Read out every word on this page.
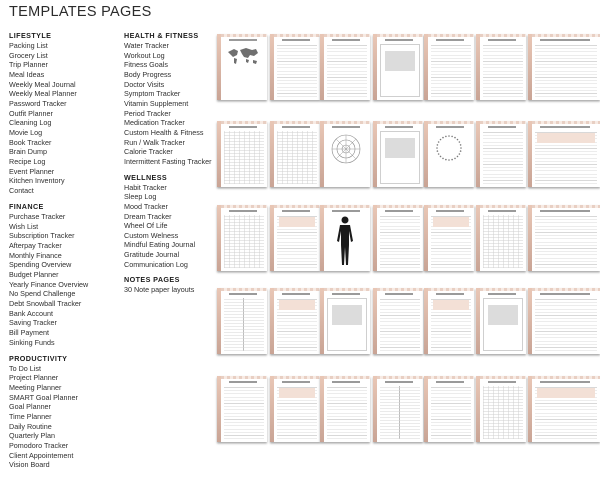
TEMPLATES PAGES
LIFESTYLE
Packing List
Grocery List
Trip Planner
Meal Ideas
Weekly Meal Journal
Weekly Meal Planner
Password Tracker
Outfit Planner
Cleaning Log
Movie Log
Book Tracker
Brain Dump
Recipe Log
Event Planner
Kitchen Inventory
Contact
FINANCE
Purchase Tracker
Wish List
Subscription Tracker
Afterpay Tracker
Monthly Finance
Spending Overview
Budget Planner
Yearly Finance Overview
No Spend Challenge
Debt Snowball Tracker
Bank Account
Saving Tracker
Bill Payment
Sinking Funds
PRODUCTIVITY
To Do List
Project Planner
Meeting Planner
SMART Goal Planner
Goal Planner
Time Planner
Daily Routine
Quarterly Plan
Pomodoro Tracker
Client Appointement
Vision Board
HEALTH & FITNESS
Water Tracker
Workout Log
Fitness Goals
Body Progress
Doctor Visits
Symptom Tracker
Vitamin Supplement
Period Tracker
Medication Tracker
Custom Health & Fitness
Run / Walk Tracker
Calorie Tracker
Intermittent Fasting Tracker
WELLNESS
Habit Tracker
Sleep Log
Mood Tracker
Dream Tracker
Wheel Of Life
Custom Welness
Mindful Eating Journal
Gratitude Journal
Communication Log
NOTES PAGES
30 Note paper layouts
